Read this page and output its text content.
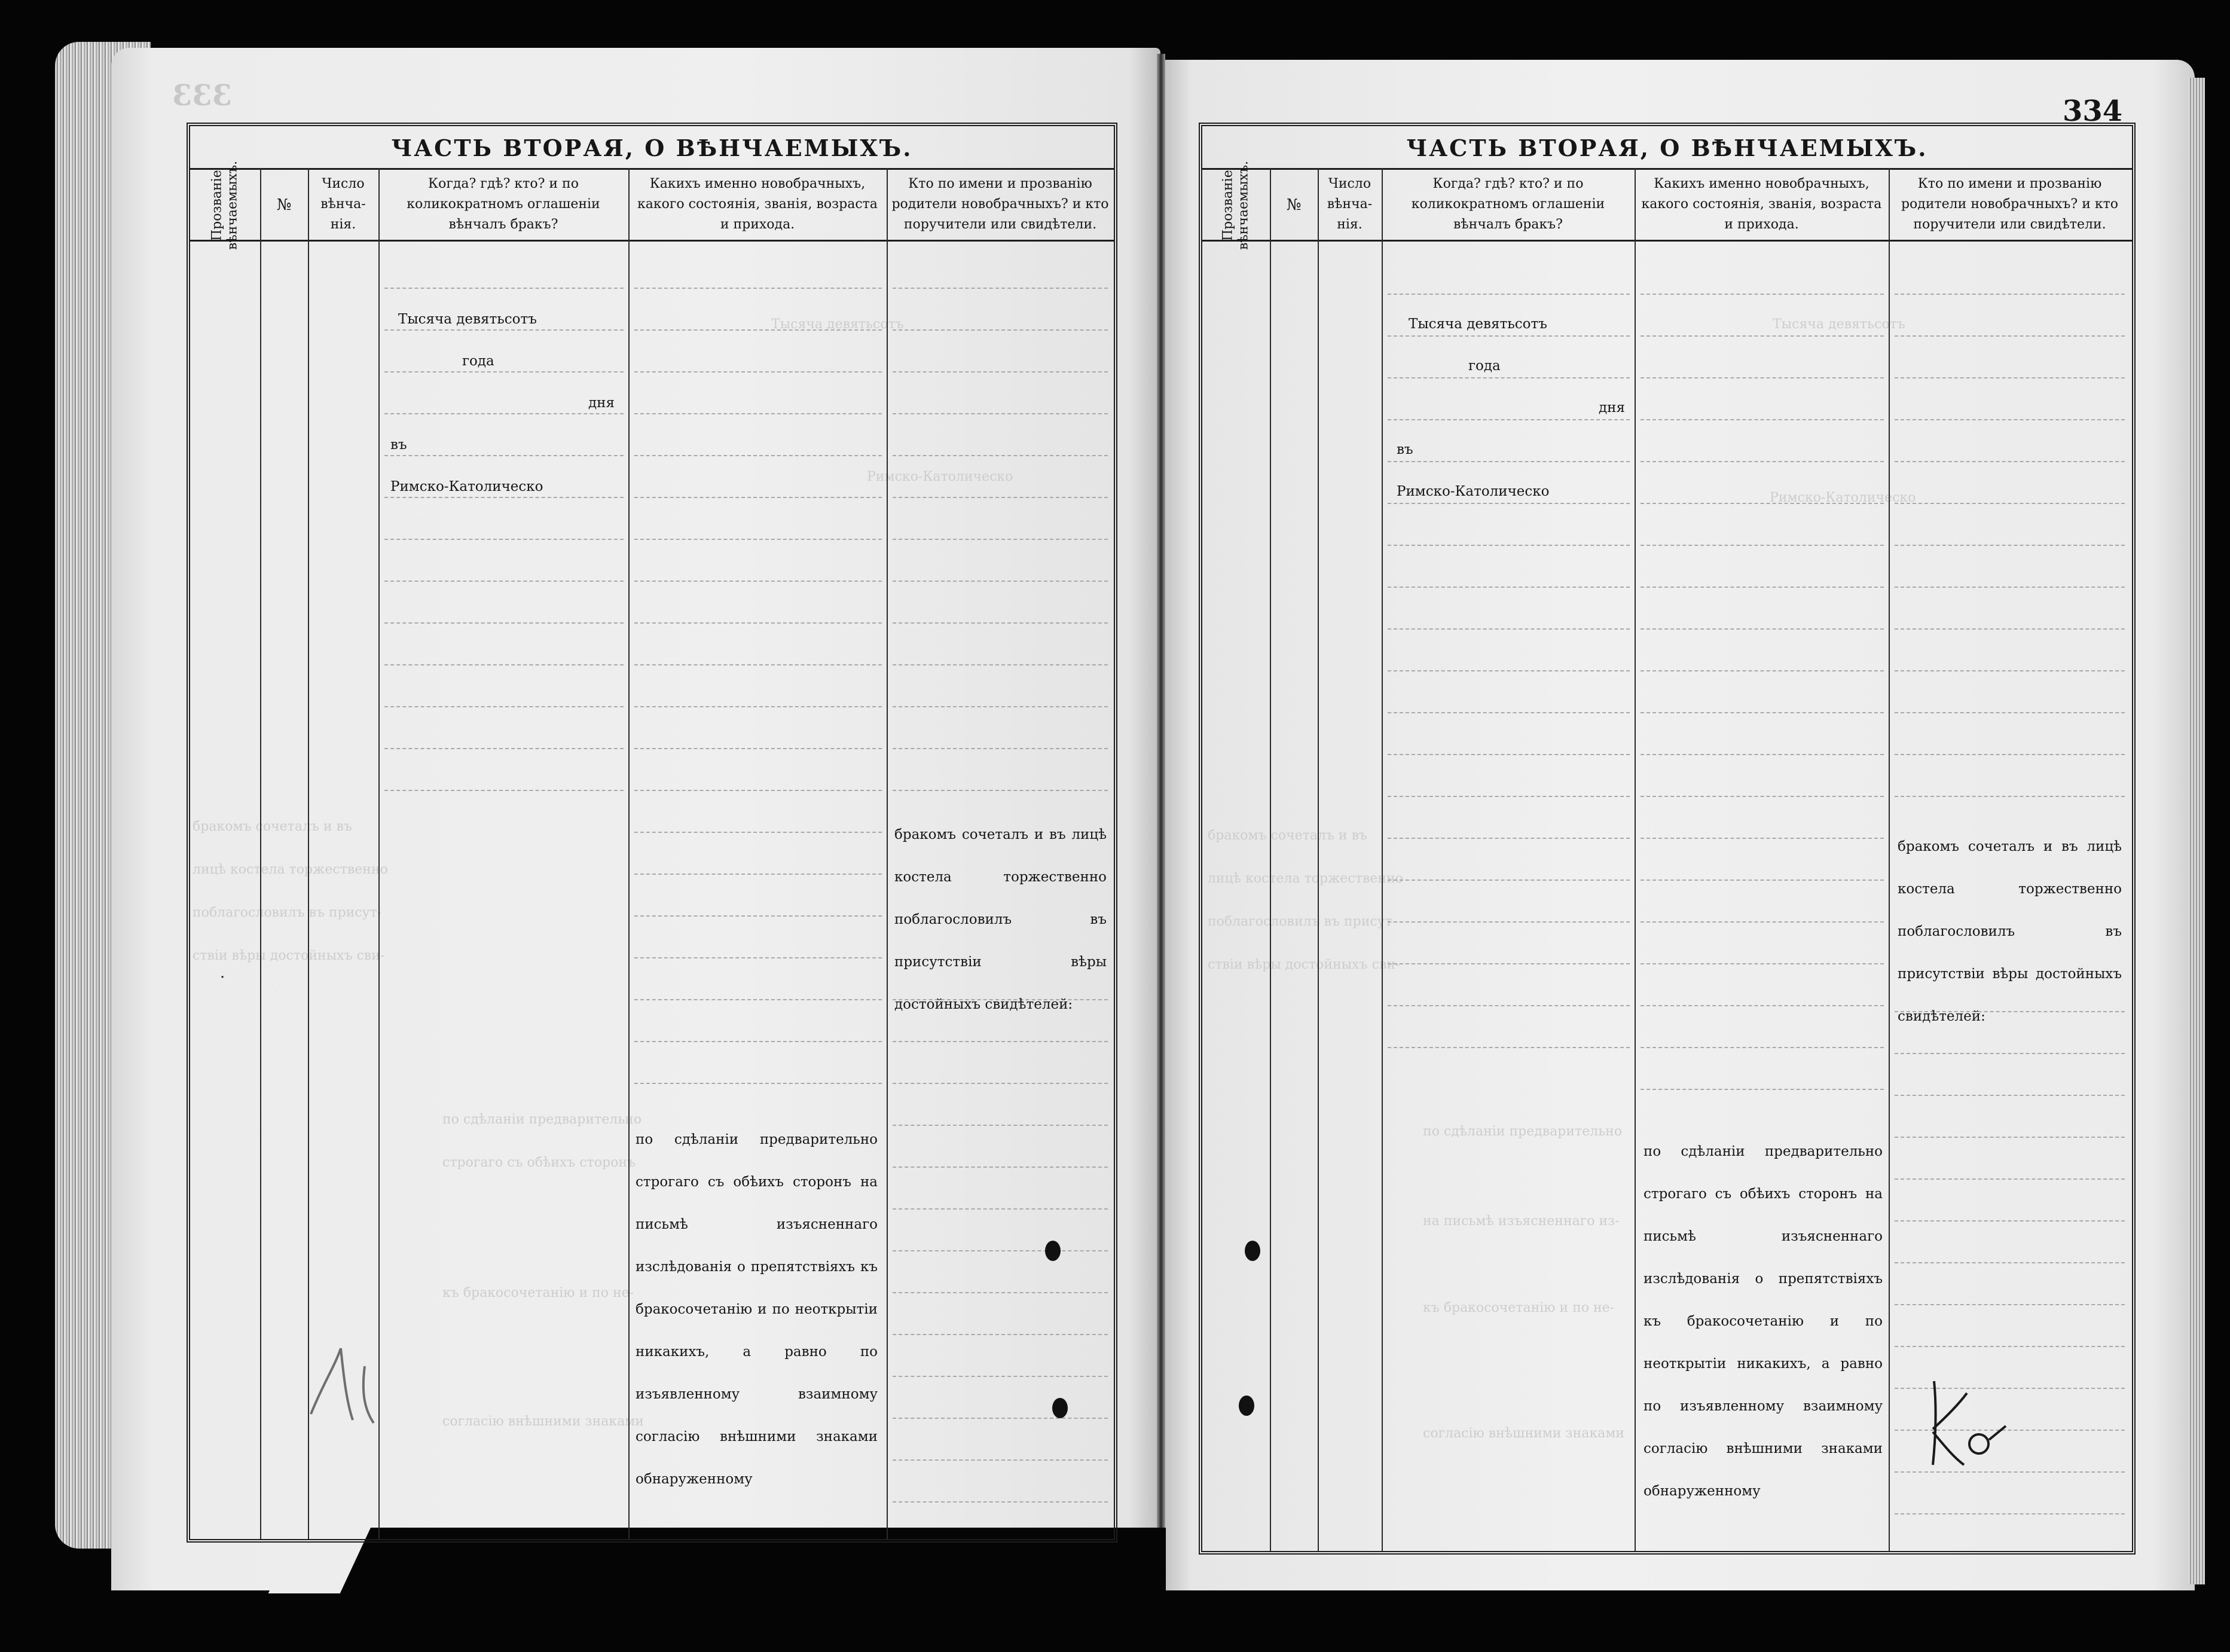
333
Тысяча девятьсотъ
Римско-Католическо
бракомъ сочеталъ и въ
лицѣ костела торжественно
поблагословилъ въ присут-
ствiи вѣры достойныхъ сви-
по сдѣланiи предварительно
строгаго съ обѣихъ сторонъ
къ бракосочетанiю и по не-
согласiю внѣшними знаками
ЧАСТЬ ВТОРАЯ, О ВѢНЧАЕМЫХЪ.
Прозванiе вѣнчаемыхъ.	№
Число вѣнча-нія.
Когда? гдѣ? кто? и по коликократномъ оглашенiи вѣнчалъ бракъ?
Какихъ именно новобрачныхъ, какого состоянія, званія, возраста и прихода.
Кто по имени и прозванію родители новобрачныхъ? и кто поручители или свидѣтели.
Тысяча девятьсотъ
года
дня
въ
Римско-Католическо
бракомъ сочеталъ и въ лицѣ костела торжественно поблагословилъ въ присутствiи вѣры достойныхъ свидѣтелей:
по сдѣланiи предварительно строгаго съ обѣихъ сторонъ на письмѣ изъясненнаго изслѣдованiя о препятствiяхъ къ бракосочетанiю и по неоткрытiи никакихъ, а равно по изъявленному взаимному согласiю внѣшними знаками обнаруженному
·
334
Тысяча девятьсотъ
Римско-Католическо
бракомъ сочеталъ и въ
лицѣ костела торжественно
поблагословилъ въ присут-
ствiи вѣры достойныхъ сви-
по сдѣланiи предварительно
на письмѣ изъясненнаго из-
къ бракосочетанiю и по не-
согласiю внѣшними знаками
ЧАСТЬ ВТОРАЯ, О ВѢНЧАЕМЫХЪ.
Прозванiе вѣнчаемыхъ.	№
Число вѣнча-нія.
Когда? гдѣ? кто? и по коликократномъ оглашенiи вѣнчалъ бракъ?
Какихъ именно новобрачныхъ, какого состоянія, званія, возраста и прихода.
Кто по имени и прозванію родители новобрачныхъ? и кто поручители или свидѣтели.
Тысяча девятьсотъ
года
дня
въ
Римско-Католическо
бракомъ сочеталъ и въ лицѣ костела торжественно поблагословилъ въ присутствiи вѣры достойныхъ свидѣтелей:
по сдѣланiи предварительно строгаго съ обѣихъ сторонъ на письмѣ изъясненнаго изслѣдованiя о препятствiяхъ къ бракосочетанiю и по неоткрытiи никакихъ, а равно по изъявленному взаимному согласiю внѣшними знаками обнаруженному
